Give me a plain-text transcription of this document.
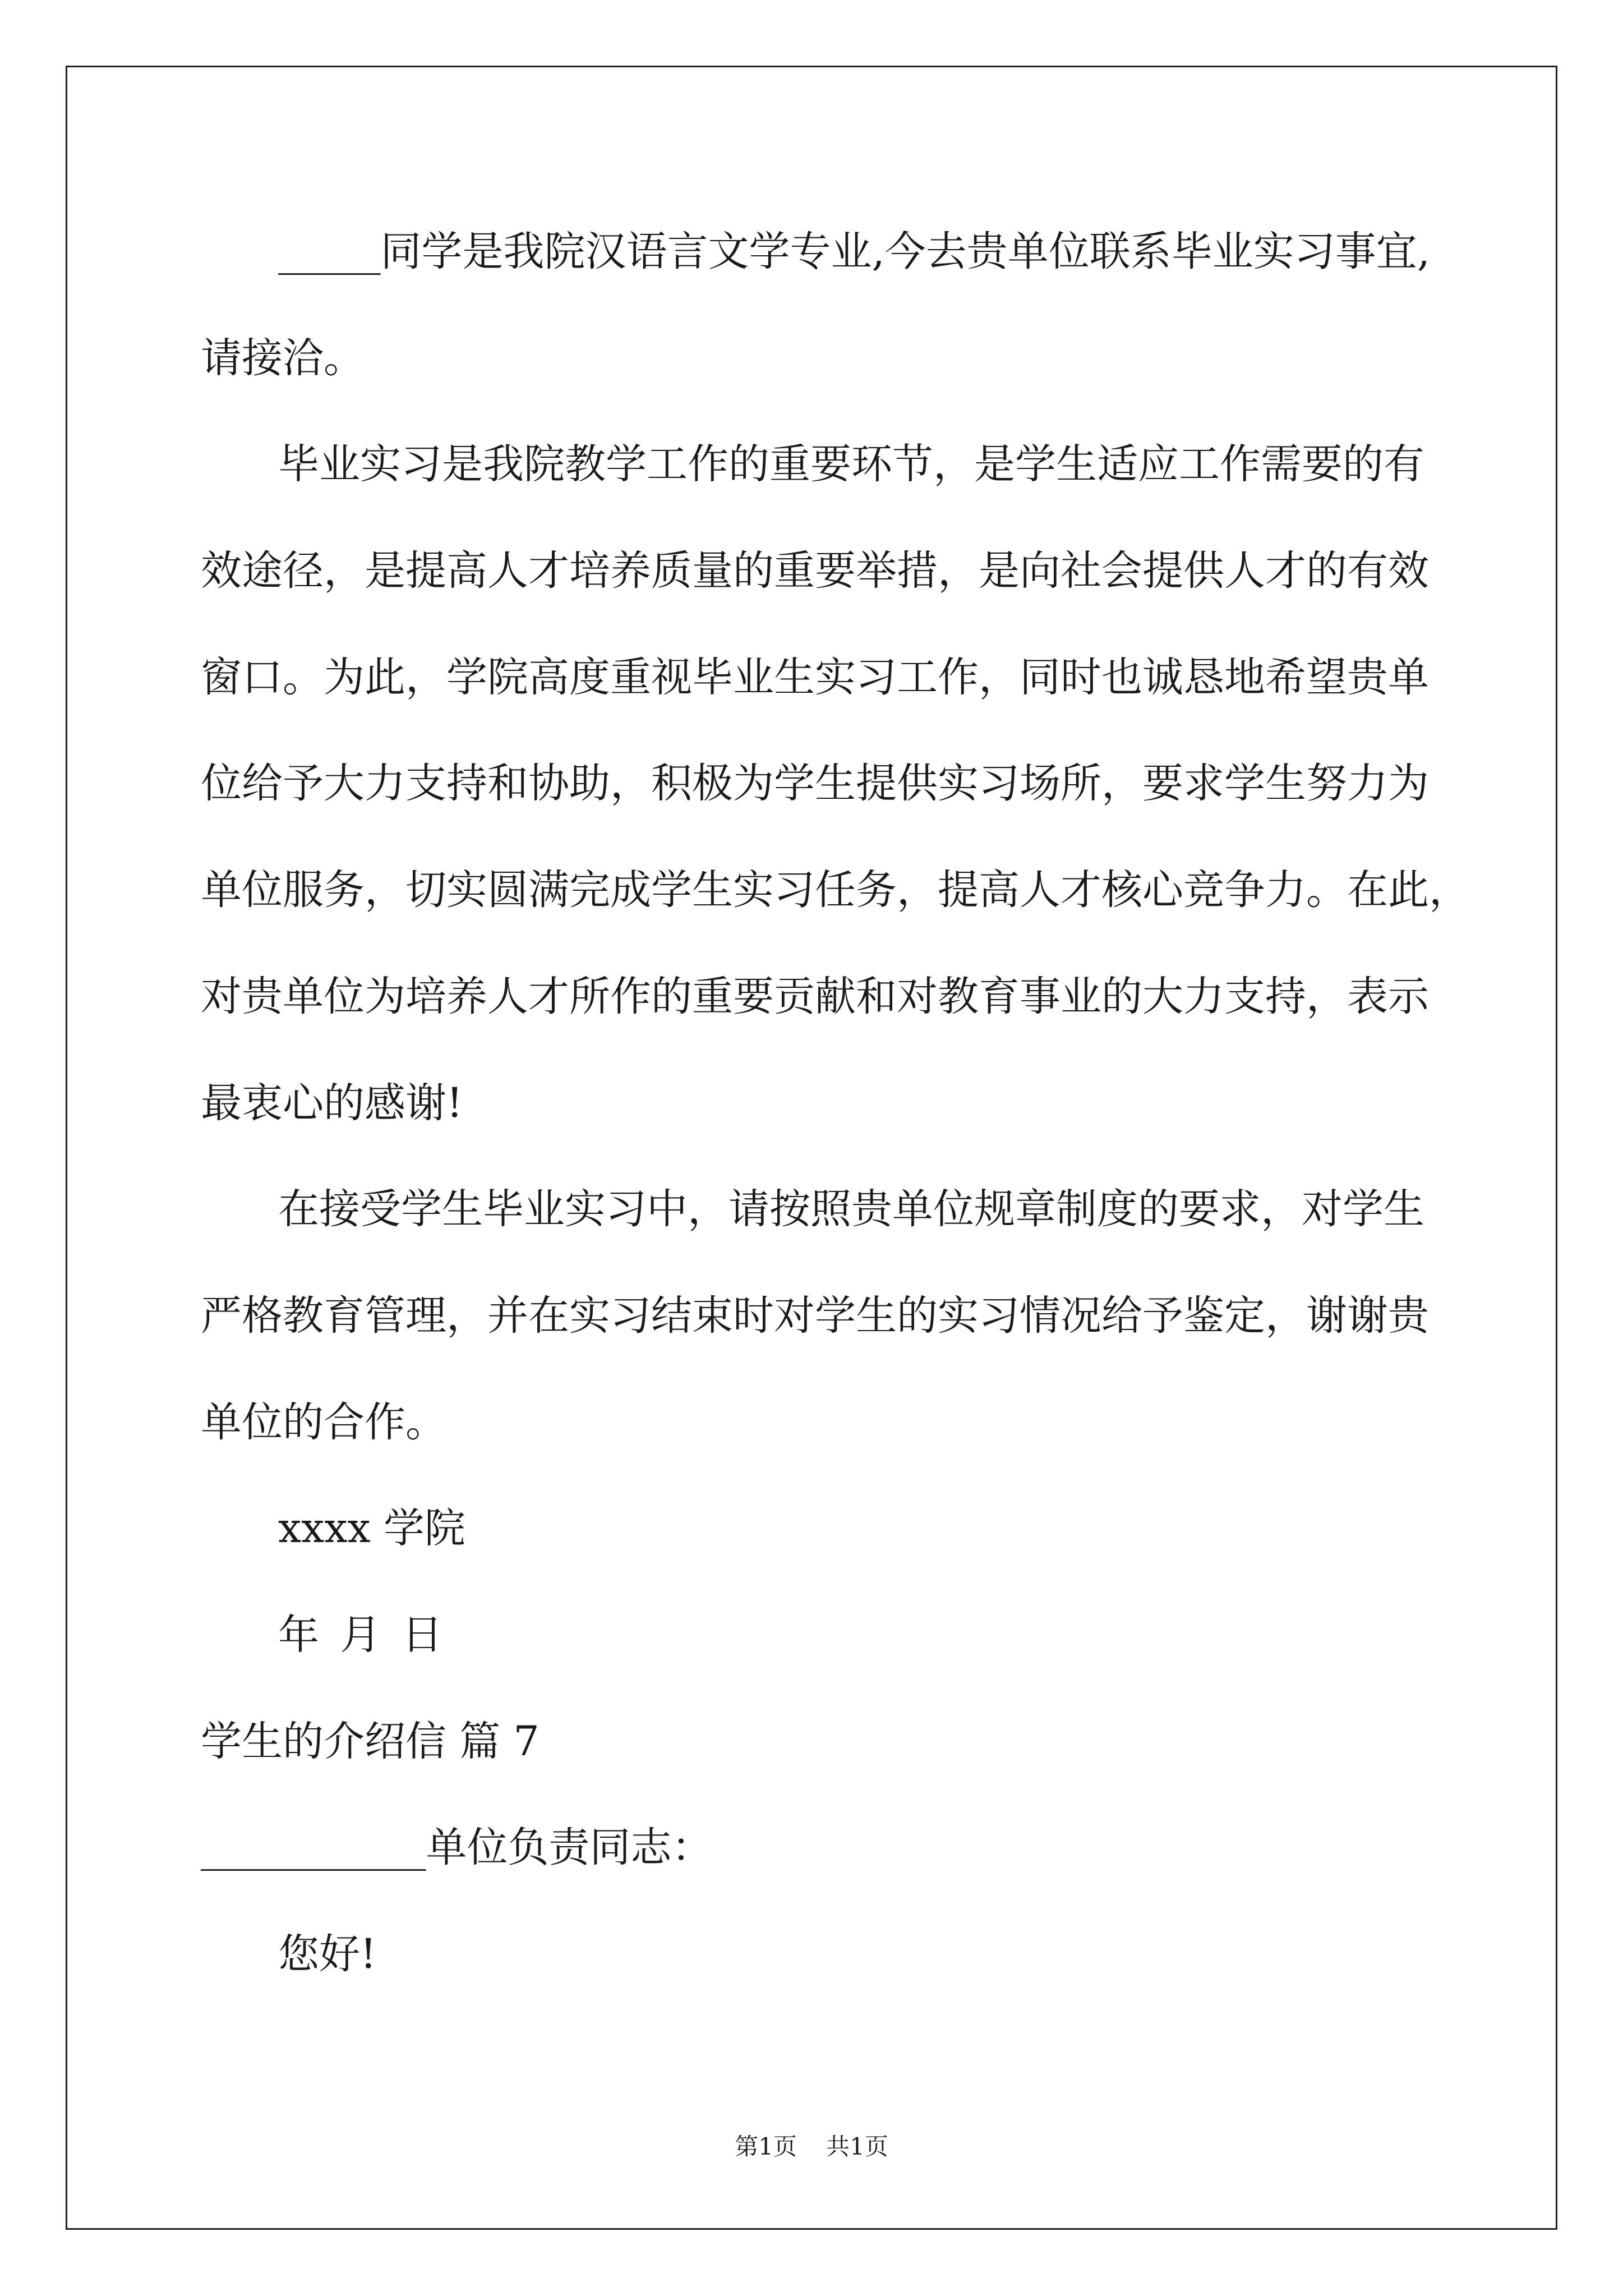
_____同学是我院汉语言文学专业,今去贵单位联系毕业实习事宜,
请接洽。
毕业实习是我院教学工作的重要环节，是学生适应工作需要的有
效途径，是提高人才培养质量的重要举措，是向社会提供人才的有效
窗口。为此，学院高度重视毕业生实习工作，同时也诚恳地希望贵单
位给予大力支持和协助，积极为学生提供实习场所，要求学生努力为
单位服务，切实圆满完成学生实习任务，提高人才核心竞争力。在此，
对贵单位为培养人才所作的重要贡献和对教育事业的大力支持，表示
最衷心的感谢!
在接受学生毕业实习中，请按照贵单位规章制度的要求，对学生
严格教育管理，并在实习结束时对学生的实习情况给予鉴定，谢谢贵
单位的合作。
xxxx 学院
年 月 日
学生的介绍信 篇 7
___________单位负责同志：
您好!
第1页 共1页
